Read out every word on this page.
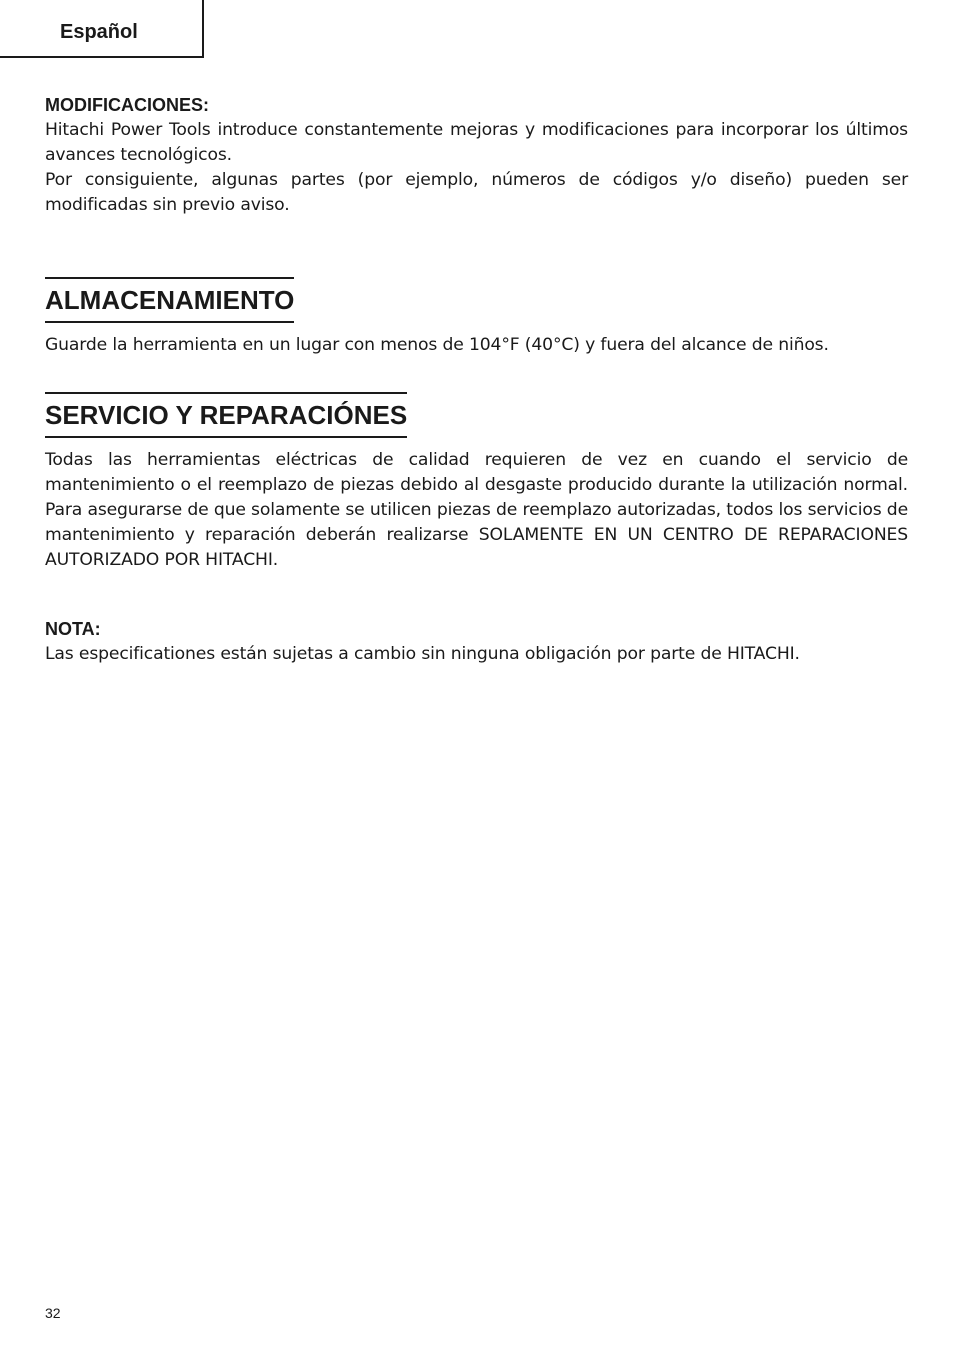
Español

MODIFICACIONES:

Hitachi Power Tools introduce constantemente mejoras y modificaciones para incorporar los últimos avances tecnológicos.

Por consiguiente, algunas partes (por ejemplo, números de códigos y/o diseño) pueden ser modificadas sin previo aviso.

ALMACENAMIENTO

Guarde la herramienta en un lugar con menos de 104°F (40°C) y fuera del alcance de niños.

SERVICIO Y REPARACIÓNES

Todas las herramientas eléctricas de calidad requieren de vez en cuando el servicio de mantenimiento o el reemplazo de piezas debido al desgaste producido durante la utilización normal. Para asegurarse de que solamente se utilicen piezas de reemplazo autorizadas, todos los servicios de mantenimiento y reparación deberán realizarse SOLAMENTE EN UN CENTRO DE REPARACIONES AUTORIZADO POR HITACHI.

NOTA:

Las especificationes están sujetas a cambio sin ninguna obligación por parte de HITACHI.

32
